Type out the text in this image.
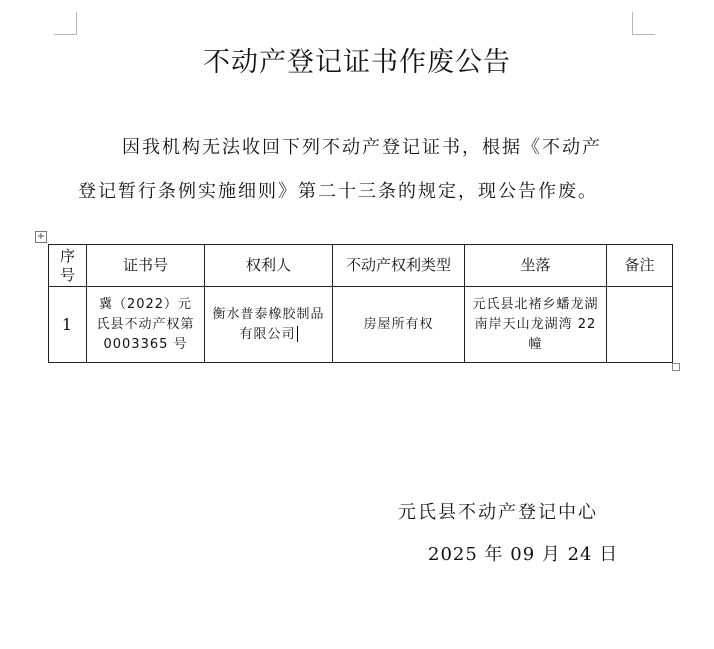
不动产登记证书作废公告
因我机构无法收回下列不动产登记证书，根据《不动产
登记暂行条例实施细则》第二十三条的规定，现公告作废。
+
序号	证书号	权利人	不动产权利类型	坐落	备注
1	冀（2022）元氏县不动产权第 0003365 号	衡水普泰橡胶制品有限公司	房屋所有权	元氏县北褚乡蟠龙湖南岸天山龙湖湾 22 幢	
元氏县不动产登记中心
2025 年 09 月 24 日
